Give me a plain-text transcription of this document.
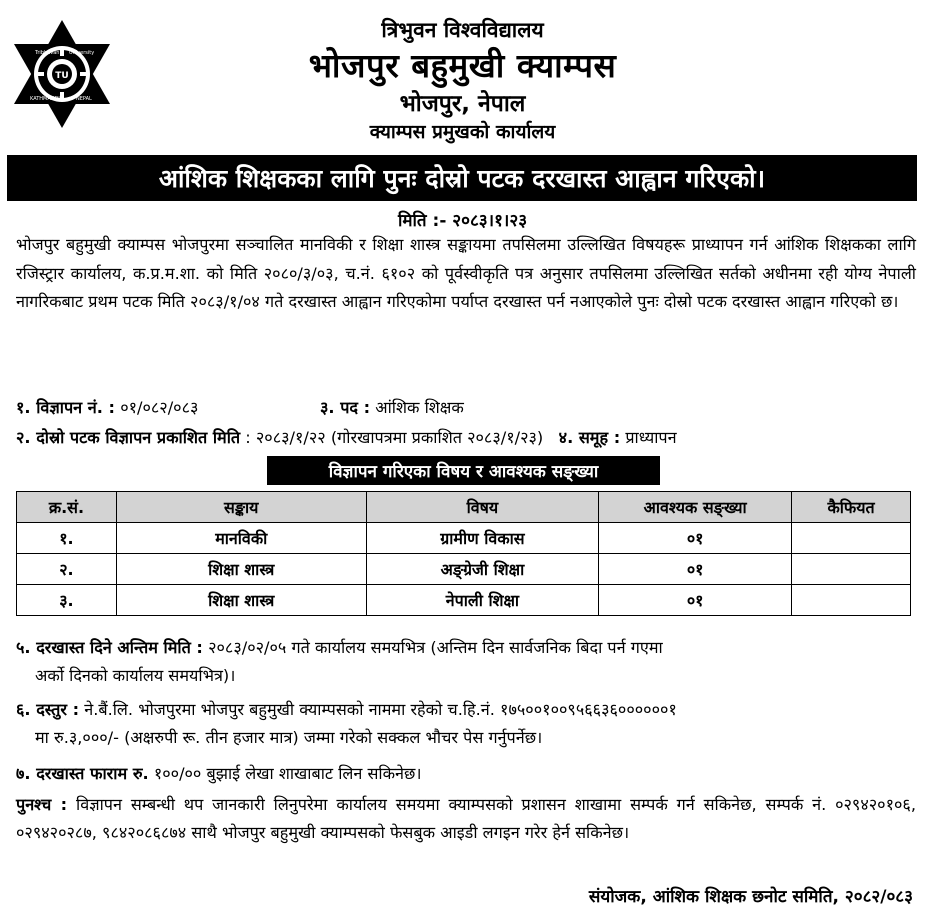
TU
Tribhuvan University
KATHMANDU	NEPAL
त्रिभुवन विश्वविद्यालय
भोजपुर बहुमुखी क्याम्पस
भोजपुर, नेपाल
क्याम्पस प्रमुखको कार्यालय
आंशिक शिक्षकका लागि पुनः दोस्रो पटक दरखास्त आह्वान गरिएको।
मिति :- २०८३।१।२३

भोजपुर बहुमुखी क्याम्पस भोजपुरमा सञ्चालित मानविकी र शिक्षा शास्त्र सङ्कायमा तपसिलमा उल्लिखित विषयहरू प्राध्यापन गर्न आंशिक शिक्षकका लागि रजिस्ट्रार कार्यालय, क.प्र.म.शा. को मिति २०८०/३/०३, च.नं. ६१०२ को पूर्वस्वीकृति पत्र अनुसार तपसिलमा उल्लिखित सर्तको अधीनमा रही योग्य नेपाली नागरिकबाट प्रथम पटक मिति २०८३/१/०४ गते दरखास्त आह्वान गरिएकोमा पर्याप्त दरखास्त पर्न नआएकोले पुनः दोस्रो पटक दरखास्त आह्वान गरिएको छ।

१. विज्ञापन नं. : ०१/०८२/०८३	३. पद : आंशिक शिक्षक
२. दोस्रो पटक विज्ञापन प्रकाशित मिति : २०८३/१/२२ (गोरखापत्रमा प्रकाशित २०८३/१/२३) ४. समूह : प्राध्यापन
विज्ञापन गरिएका विषय र आवश्यक सङ्ख्या
क्र.सं.	सङ्काय	विषय	आवश्यक सङ्ख्या	कैफियत
१.	मानविकी	ग्रामीण विकास	०१	
२.	शिक्षा शास्त्र	अङ्ग्रेजी शिक्षा	०१	
३.	शिक्षा शास्त्र	नेपाली शिक्षा	०१	
५. दरखास्त दिने अन्तिम मिति : २०८३/०२/०५ गते कार्यालय समयभित्र (अन्तिम दिन सार्वजनिक बिदा पर्न गएमा
अर्को दिनको कार्यालय समयभित्र)।
६. दस्तुर : ने.बैं.लि. भोजपुरमा भोजपुर बहुमुखी क्याम्पसको नाममा रहेको च.हि.नं. १७५००१००९५६६३६००००००१
मा रु.३,०००/- (अक्षरुपी रू. तीन हजार मात्र) जम्मा गरेको सक्कल भौचर पेस गर्नुपर्नेछ।
७. दरखास्त फाराम रु. १००/०० बुझाई लेखा शाखाबाट लिन सकिनेछ।
पुनश्च : विज्ञापन सम्बन्धी थप जानकारी लिनुपरेमा कार्यालय समयमा क्याम्पसको प्रशासन शाखामा सम्पर्क गर्न सकिनेछ, सम्पर्क नं. ०२९४२०१०६, ०२९४२०२८७, ९८४२०८६८७४ साथै भोजपुर बहुमुखी क्याम्पसको फेसबुक आइडी लगइन गरेर हेर्न सकिनेछ।
संयोजक, आंशिक शिक्षक छनोट समिति, २०८२/०८३
